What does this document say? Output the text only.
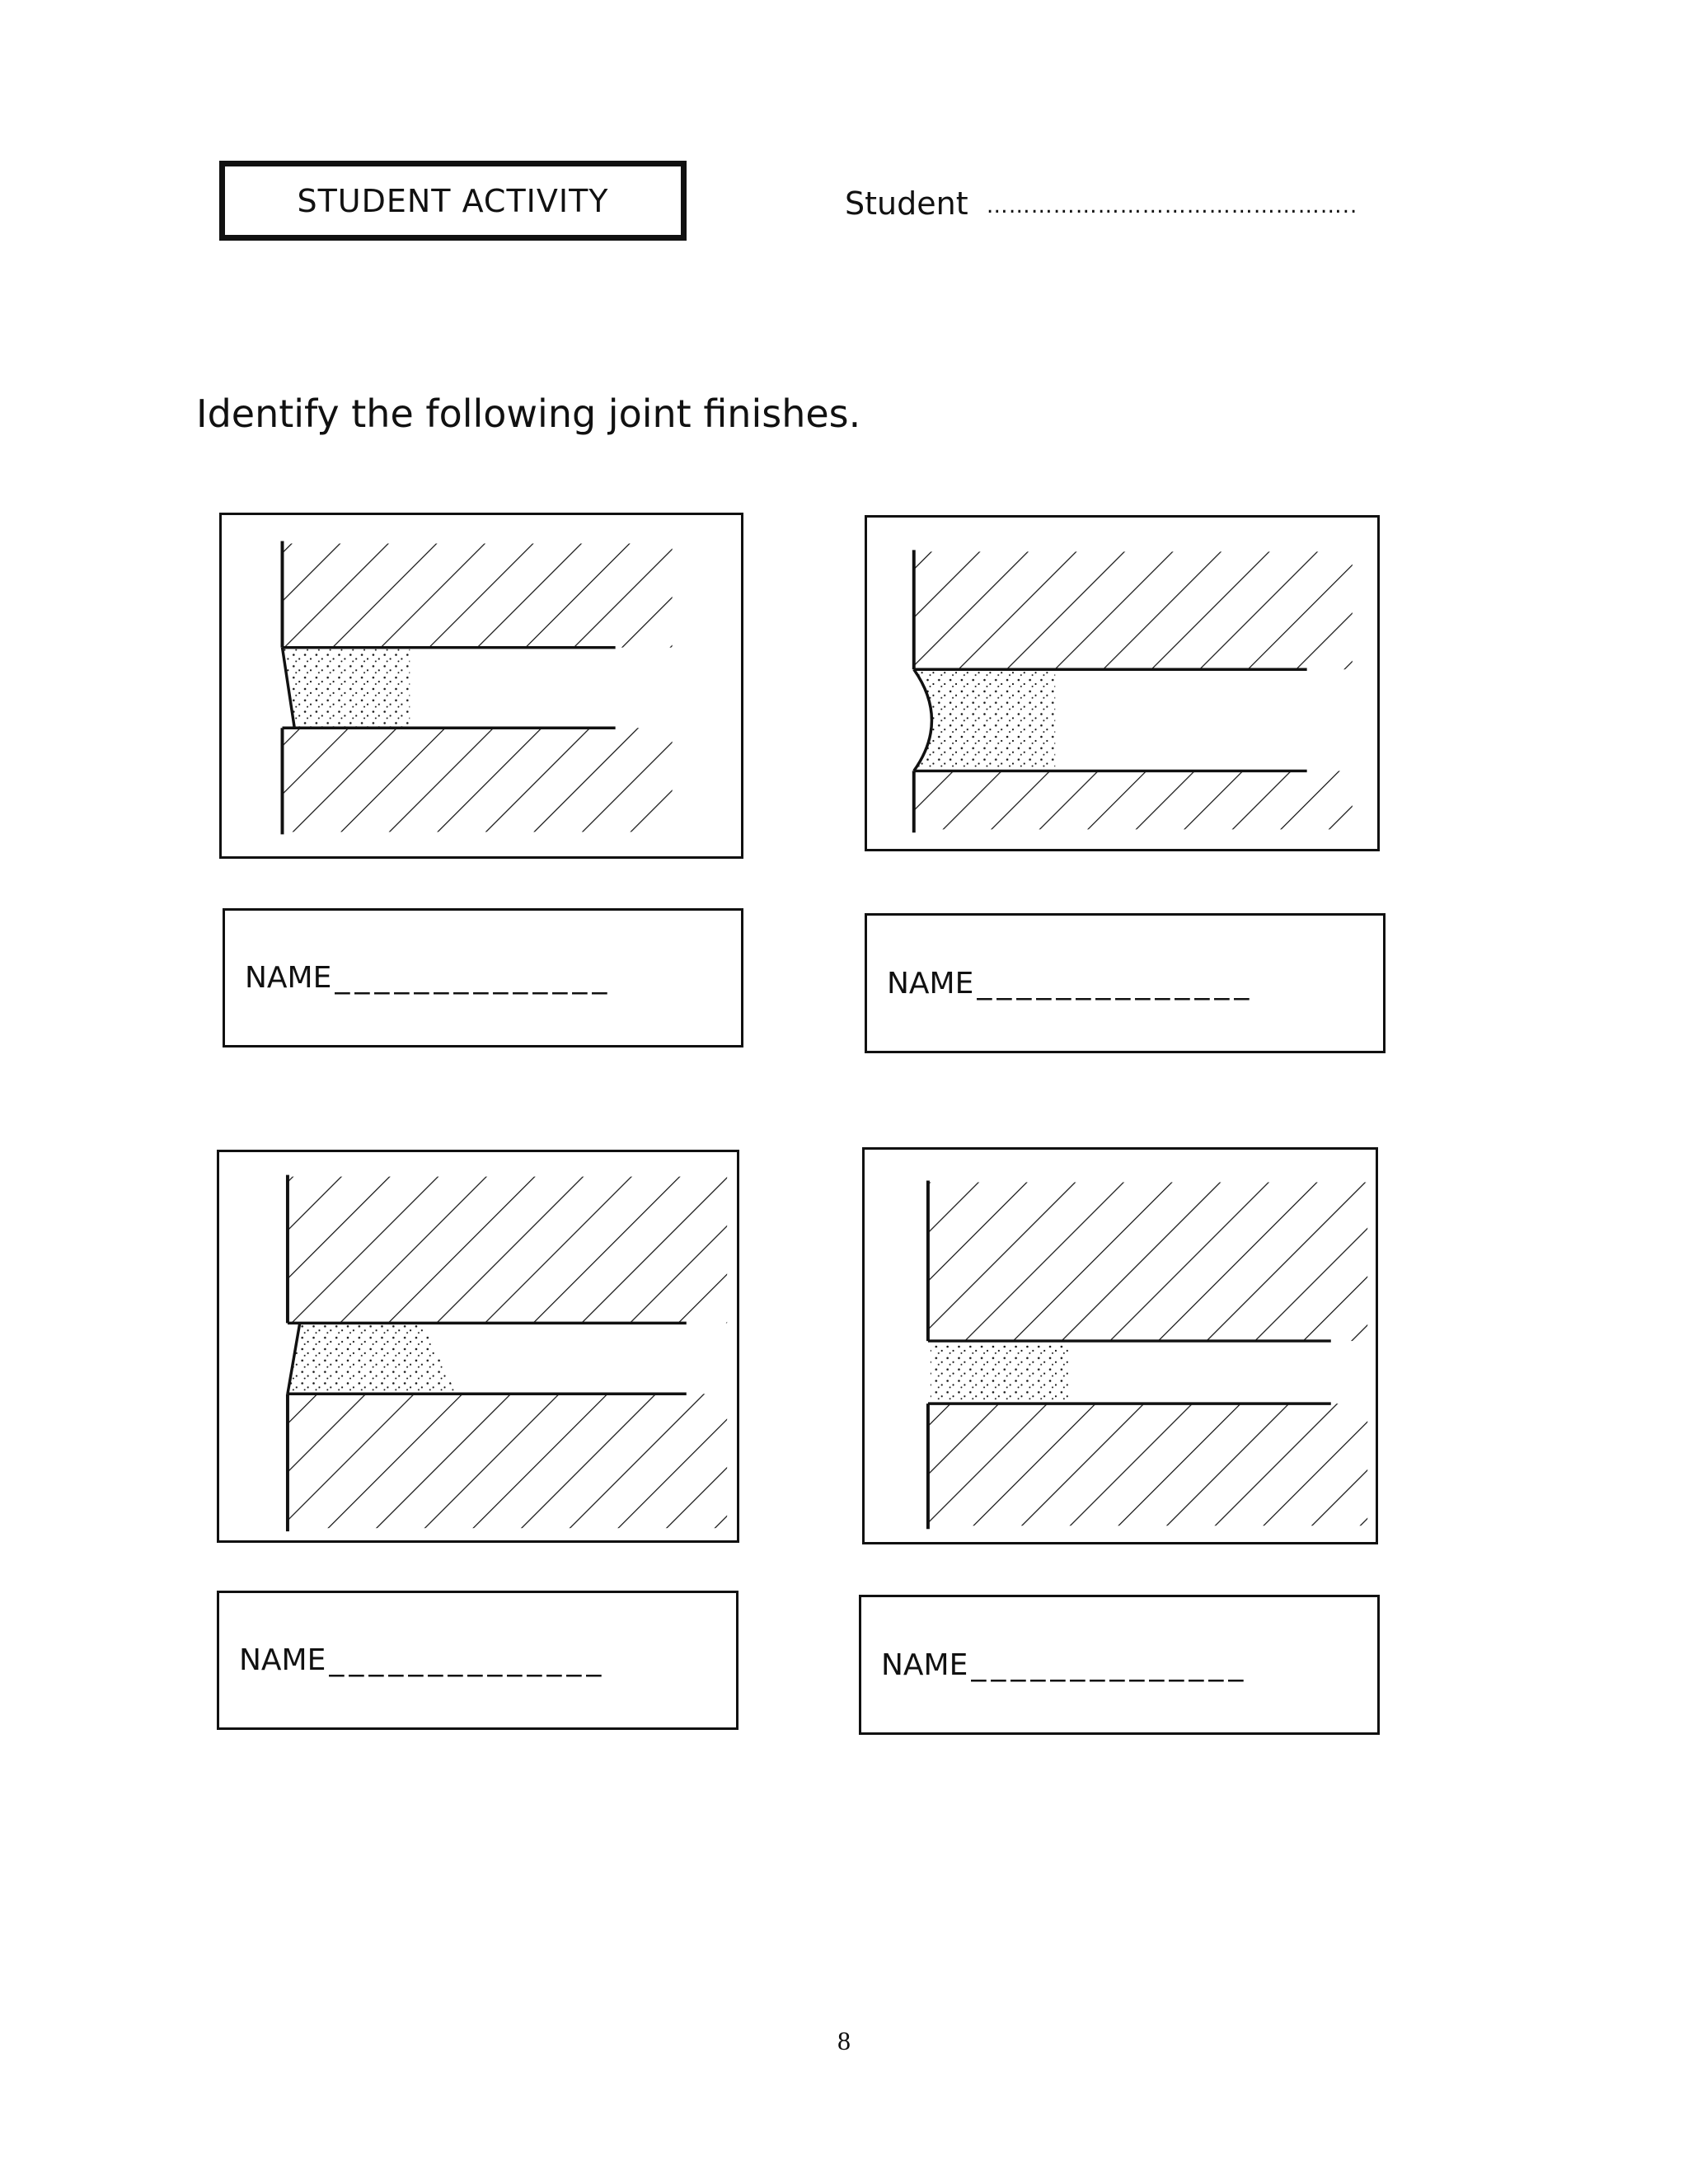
STUDENT ACTIVITY	Student …………………………………………..
Identify the following joint finishes.
NAME ______________	NAME ______________
NAME ______________	NAME ______________
8
